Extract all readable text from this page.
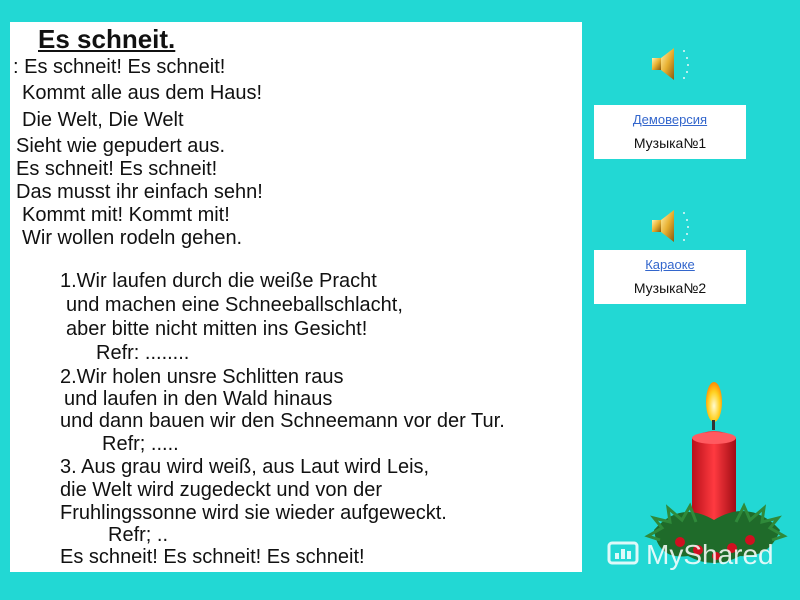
Es schneit.
: Es schneit! Es schneit!
Kommt alle aus dem Haus!
Die Welt, Die Welt
Sieht wie gepudert aus.
Es schneit! Es schneit!
Das musst ihr einfach sehn!
Kommt mit! Kommt mit!
Wir wollen rodeln gehen.
1.Wir laufen durch die weiße Pracht
und machen eine Schneeballschlacht,
aber bitte nicht mitten ins Gesicht!
Refr: ........
2.Wir holen unsre Schlitten raus
und laufen in den Wald hinaus
und dann bauen wir den Schneemann vor der Tur.
Refr; .....
3. Aus grau wird weiß, aus Laut wird Leis,
die Welt wird zugedeckt und von der
Fruhlingssonne wird sie wieder aufgeweckt.
Refr; ..
Es schneit! Es schneit! Es schneit!
Демоверсия
Музыка№1
Караоке
Музыка№2
MyShared
